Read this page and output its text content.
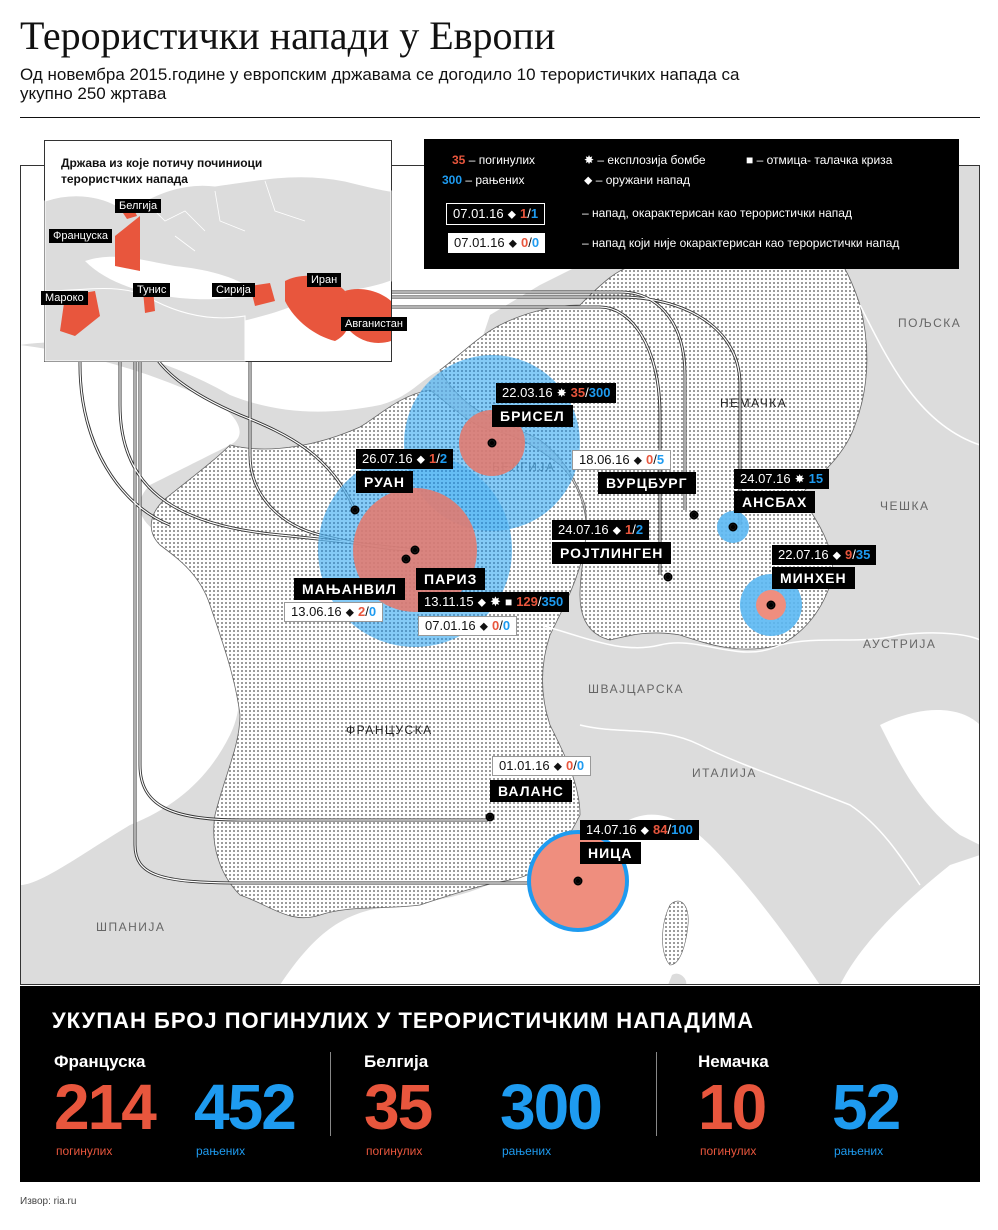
Терористички напади у Европи
Од новембра 2015.године у европским државама се догодило 10 терористичких напада са укупно 250 жртава
ПОЉСКА
НЕМАЧКА
ЧЕШКА
АУСТРИЈА
ШВАЈЦАРСКА
ИТАЛИЈА
ФРАНЦУСКА
ШПАНИЈА
Држава из које потичу починиоци терористчких напада
Белгија
Француска
Мароко
Тунис	Сирија
Иран
Авганистан
35 – погинулих
300 – рањених
✸ – експлозија бомбе
⬥ – оружани напад
■ – отмица- талачка криза
07.01.16 ⬥ 1/1	– напад, окарактерисан као терористички напад
07.01.16 ⬥ 0/0	– напад који није окарактерисан као терористички напад
22.03.16 ✸ 35/300
БРИСЕЛ
26.07.16 ⬥ 1/2
РУАН
18.06.16 ⬥ 0/5
ВУРЦБУРГ	24.07.16 ✸ 15
АНСБАХ
24.07.16 ⬥ 1/2
РОЈТЛИНГЕН	22.07.16 ⬥ 9/35
МИНХЕН
МАЊАНВИЛ
13.06.16 ⬥ 2/0
ПАРИЗ
13.11.15 ⬥ ✸ ■ 129/350
07.01.16 ⬥ 0/0
01.01.16 ⬥ 0/0
ВАЛАНС
14.07.16 ⬥ 84/100
НИЦА
УКУПАН БРОЈ ПОГИНУЛИХ У ТЕРОРИСТИЧКИМ НАПАДИМА
Француска
214
погинулих
452
рањених
Белгија
35
погинулих
300
рањених
Немачка
10
погинулих
52
рањених
Извор: ria.ru
